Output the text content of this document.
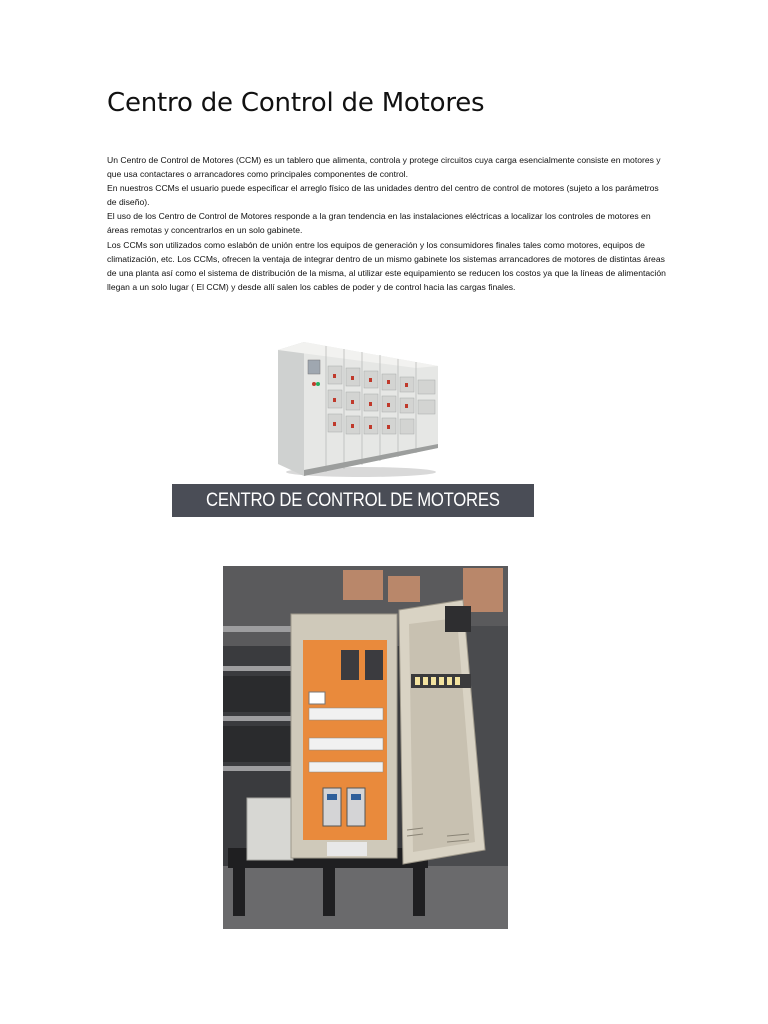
Centro de Control de Motores

Un Centro de Control de Motores (CCM) es un tablero que alimenta, controla y protege circuitos cuya carga esencialmente consiste en motores y que usa contactares o arrancadores como principales componentes de control.

En nuestros CCMs el usuario puede especificar el arreglo físico de las unidades dentro del centro de control de motores (sujeto a los parámetros de diseño).

El uso de los Centro de Control de Motores responde a la gran tendencia en las instalaciones eléctricas a localizar los controles de motores en áreas remotas y concentrarlos en un solo gabinete.

Los CCMs son utilizados como eslabón de unión entre los equipos de generación y los consumidores finales tales como motores, equipos de climatización, etc. Los CCMs, ofrecen la ventaja de integrar dentro de un mismo gabinete los sistemas arrancadores de motores de distintas áreas de una planta así como el sistema de distribución de la misma, al utilizar este equipamiento se reducen los costos ya que la líneas de alimentación llegan a un solo lugar ( El CCM) y desde allí salen los cables de poder y de control hacia las cargas finales.

CENTRO DE CONTROL DE MOTORES
